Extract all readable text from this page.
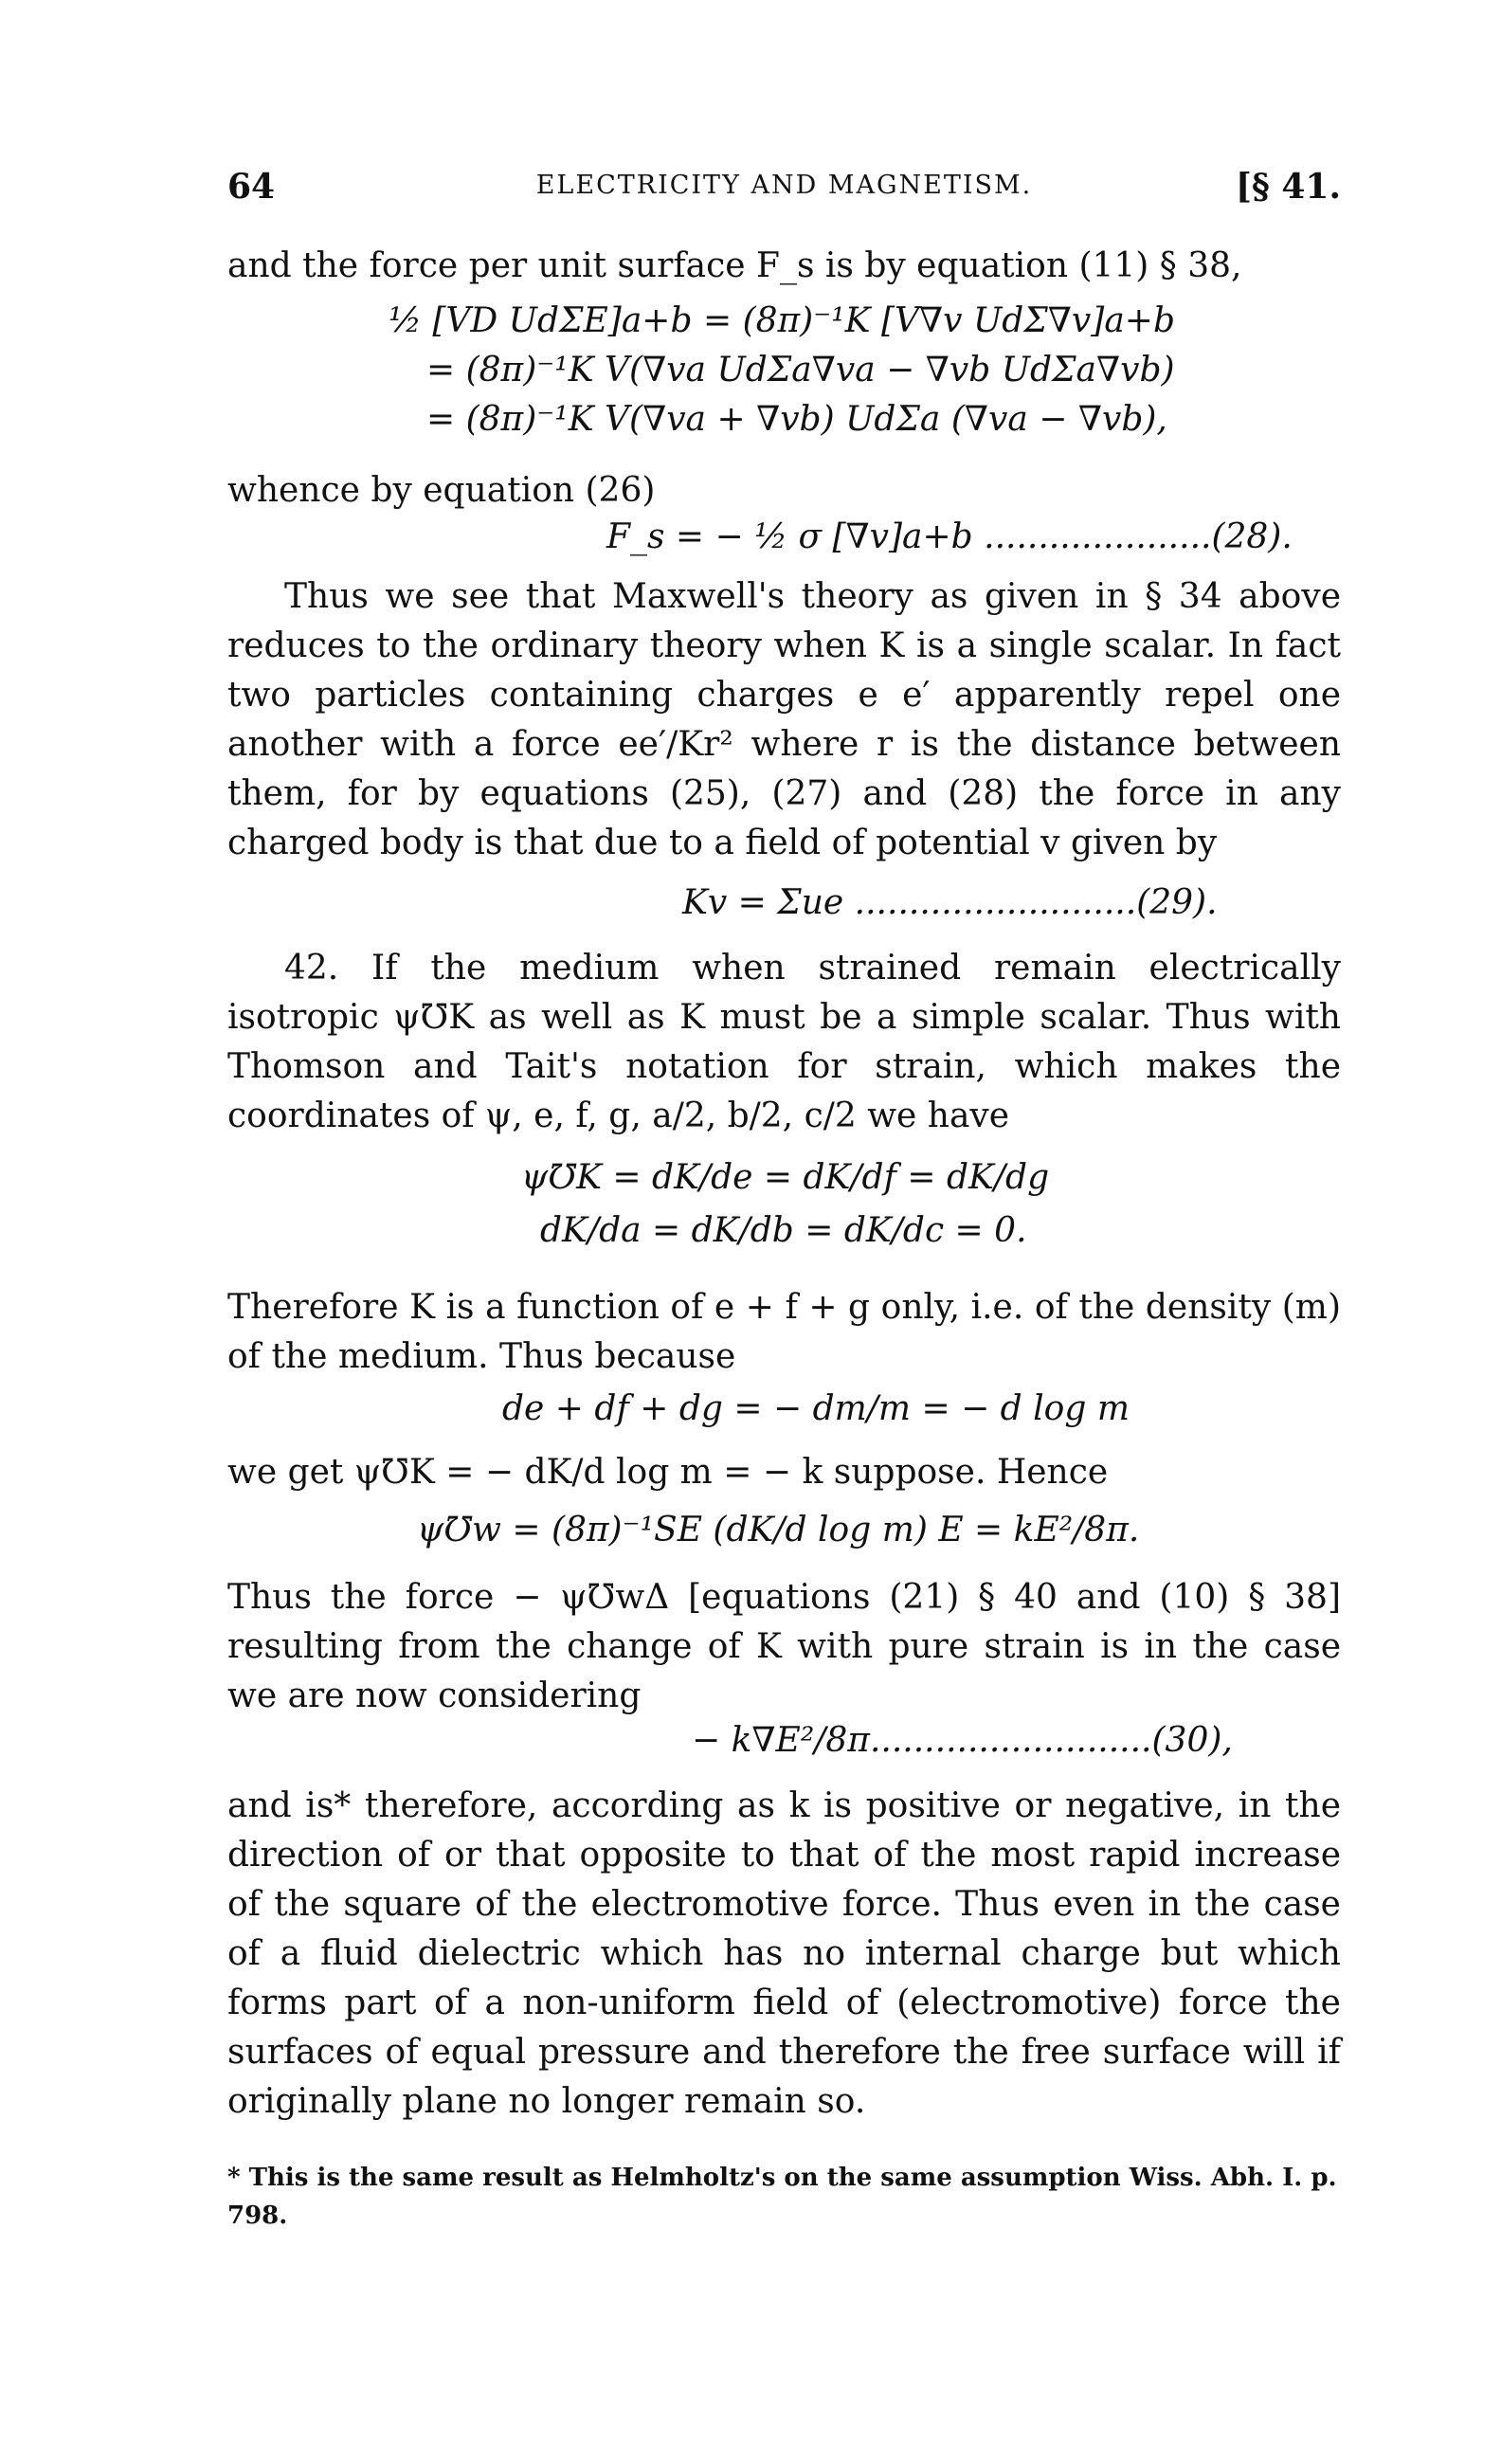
64	ELECTRICITY AND MAGNETISM.	[§ 41.

and the force per unit surface F_s is by equation (11) § 38,

½ [VD UdΣE]a+b = (8π)⁻¹K [V∇v UdΣ∇v]a+b
= (8π)⁻¹K V(∇va UdΣa∇va − ∇vb UdΣa∇vb)
= (8π)⁻¹K V(∇va + ∇vb) UdΣa (∇va − ∇vb),

whence by equation (26)

F_s = − ½ σ [∇v]a+b .....................(28).

Thus we see that Maxwell's theory as given in § 34 above reduces to the ordinary theory when K is a single scalar. In fact two particles containing charges e e′ apparently repel one another with a force ee′/Kr² where r is the distance between them, for by equations (25), (27) and (28) the force in any charged body is that due to a field of potential v given by

Kv = Σue ..........................(29).

42. If the medium when strained remain electrically isotropic ψ℧K as well as K must be a simple scalar. Thus with Thomson and Tait's notation for strain, which makes the coordinates of ψ, e, f, g, a/2, b/2, c/2 we have

ψ℧K = dK/de = dK/df = dK/dg
dK/da = dK/db = dK/dc = 0.

Therefore K is a function of e + f + g only, i.e. of the density (m) of the medium. Thus because

de + df + dg = − dm/m = − d log m

we get ψ℧K = − dK/d log m = − k suppose. Hence

ψ℧w = (8π)⁻¹SE (dK/d log m) E = kE²/8π.

Thus the force − ψ℧wΔ [equations (21) § 40 and (10) § 38] resulting from the change of K with pure strain is in the case we are now considering

− k∇E²/8π..........................(30),

and is* therefore, according as k is positive or negative, in the direction of or that opposite to that of the most rapid increase of the square of the electromotive force. Thus even in the case of a fluid dielectric which has no internal charge but which forms part of a non-uniform field of (electromotive) force the surfaces of equal pressure and therefore the free surface will if originally plane no longer remain so.

* This is the same result as Helmholtz's on the same assumption Wiss. Abh. I. p. 798.
